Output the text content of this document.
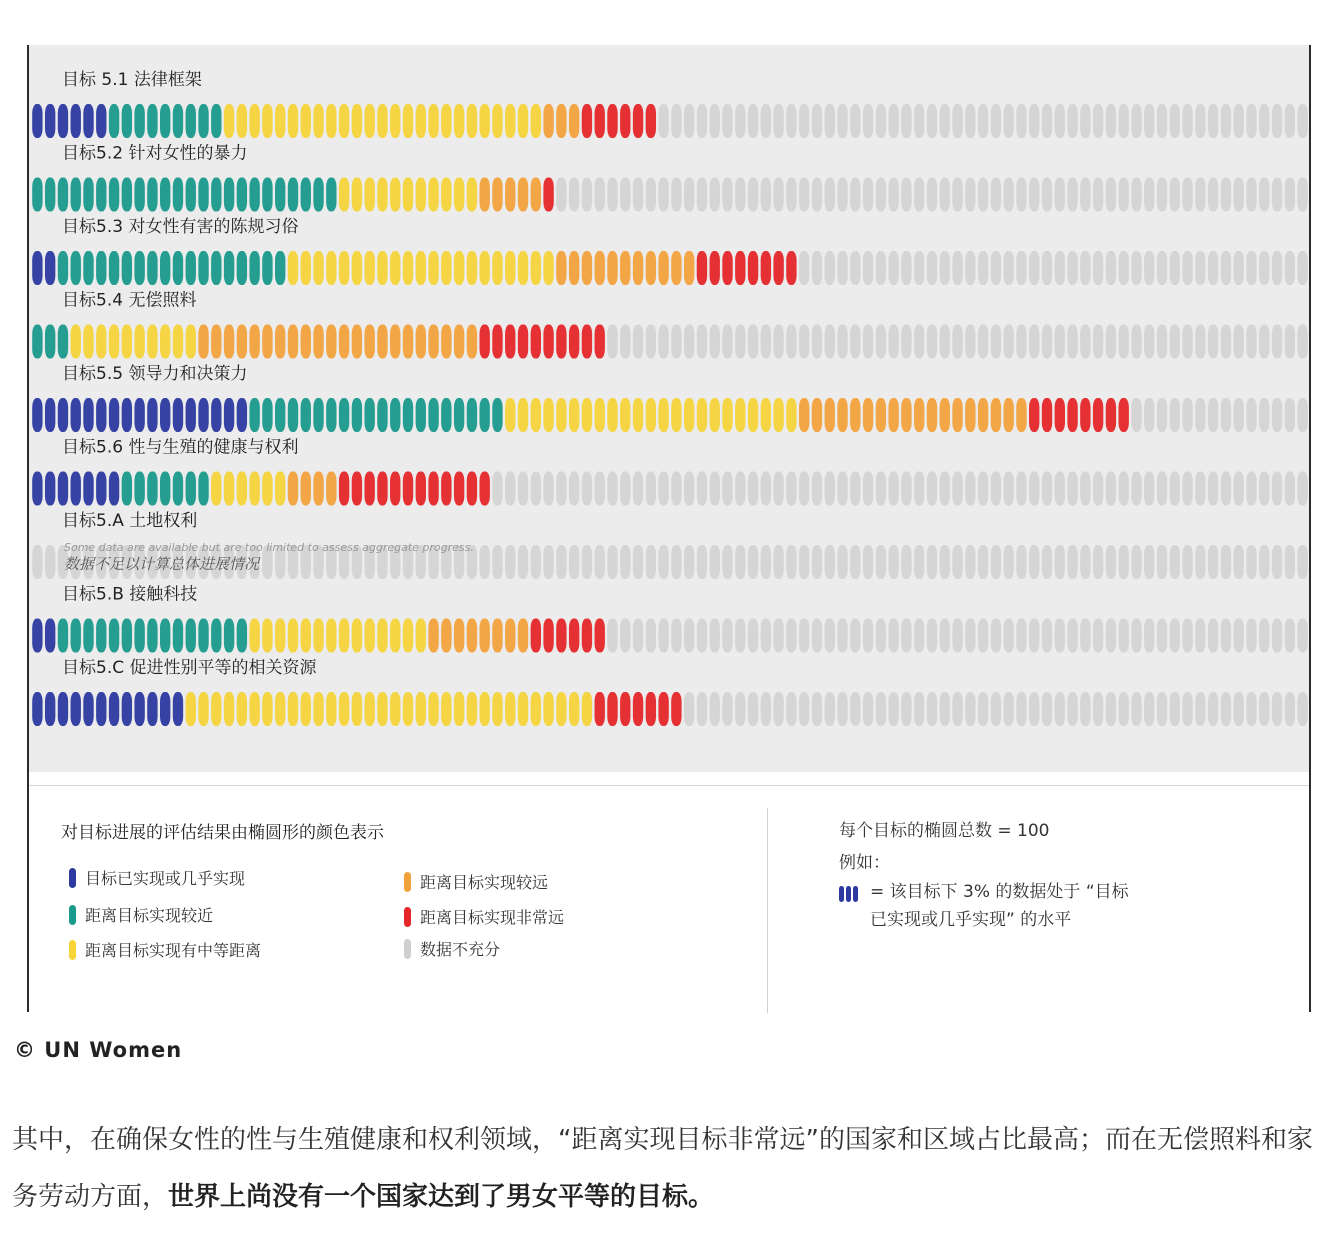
目标 5.1 法律框架
目标5.2 针对女性的暴力
目标5.3 对女性有害的陈规习俗
目标5.4 无偿照料
目标5.5 领导力和决策力
目标5.6 性与生殖的健康与权利
目标5.A 土地权利
目标5.B 接触科技
目标5.C 促进性别平等的相关资源
Some data are available but are too limited to assess aggregate progress.
数据不足以计算总体进展情况
对目标进展的评估结果由椭圆形的颜色表示
目标已实现或几乎实现
距离目标实现较近
距离目标实现有中等距离
距离目标实现较远
距离目标实现非常远
数据不充分
每个目标的椭圆总数 = 100
例如：
= 该目标下 3% 的数据处于 “目标
已实现或几乎实现” 的水平
© UN Women
其中，在确保女性的性与生殖健康和权利领域，“距离实现目标非常远”的国家和区域占比最高；而在无偿照料和家务劳动方面，世界上尚没有一个国家达到了男女平等的目标。
